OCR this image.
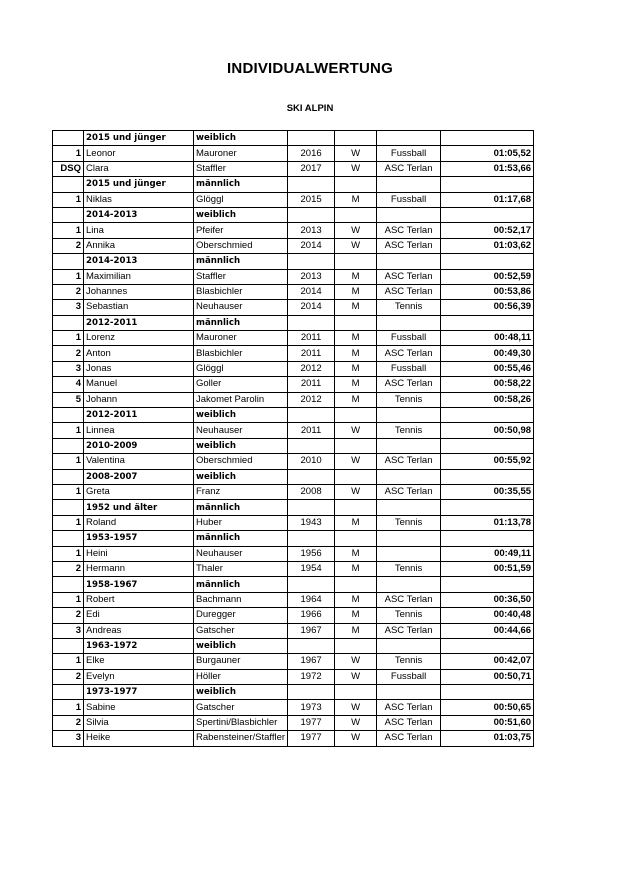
INDIVIDUALWERTUNG
SKI ALPIN
	2015 und jünger	weiblich				
1	Leonor	Mauroner	2016	W	Fussball	01:05,52
DSQ	Clara	Staffler	2017	W	ASC Terlan	01:53,66
	2015 und jünger	männlich				
1	Niklas	Glöggl	2015	M	Fussball	01:17,68
	2014-2013	weiblich				
1	Lina	Pfeifer	2013	W	ASC Terlan	00:52,17
2	Annika	Oberschmied	2014	W	ASC Terlan	01:03,62
	2014-2013	männlich				
1	Maximilian	Staffler	2013	M	ASC Terlan	00:52,59
2	Johannes	Blasbichler	2014	M	ASC Terlan	00:53,86
3	Sebastian	Neuhauser	2014	M	Tennis	00:56,39
	2012-2011	männlich				
1	Lorenz	Mauroner	2011	M	Fussball	00:48,11
2	Anton	Blasbichler	2011	M	ASC Terlan	00:49,30
3	Jonas	Glöggl	2012	M	Fussball	00:55,46
4	Manuel	Goller	2011	M	ASC Terlan	00:58,22
5	Johann	Jakomet Parolin	2012	M	Tennis	00:58,26
	2012-2011	weiblich				
1	Linnea	Neuhauser	2011	W	Tennis	00:50,98
	2010-2009	weiblich				
1	Valentina	Oberschmied	2010	W	ASC Terlan	00:55,92
	2008-2007	weiblich				
1	Greta	Franz	2008	W	ASC Terlan	00:35,55
	1952 und älter	männlich				
1	Roland	Huber	1943	M	Tennis	01:13,78
	1953-1957	männlich				
1	Heini	Neuhauser	1956	M		00:49,11
2	Hermann	Thaler	1954	M	Tennis	00:51,59
	1958-1967	männlich				
1	Robert	Bachmann	1964	M	ASC Terlan	00:36,50
2	Edi	Duregger	1966	M	Tennis	00:40,48
3	Andreas	Gatscher	1967	M	ASC Terlan	00:44,66
	1963-1972	weiblich				
1	Elke	Burgauner	1967	W	Tennis	00:42,07
2	Evelyn	Höller	1972	W	Fussball	00:50,71
	1973-1977	weiblich				
1	Sabine	Gatscher	1973	W	ASC Terlan	00:50,65
2	Silvia	Spertini/Blasbichler	1977	W	ASC Terlan	00:51,60
3	Heike	Rabensteiner/Staffler	1977	W	ASC Terlan	01:03,75
